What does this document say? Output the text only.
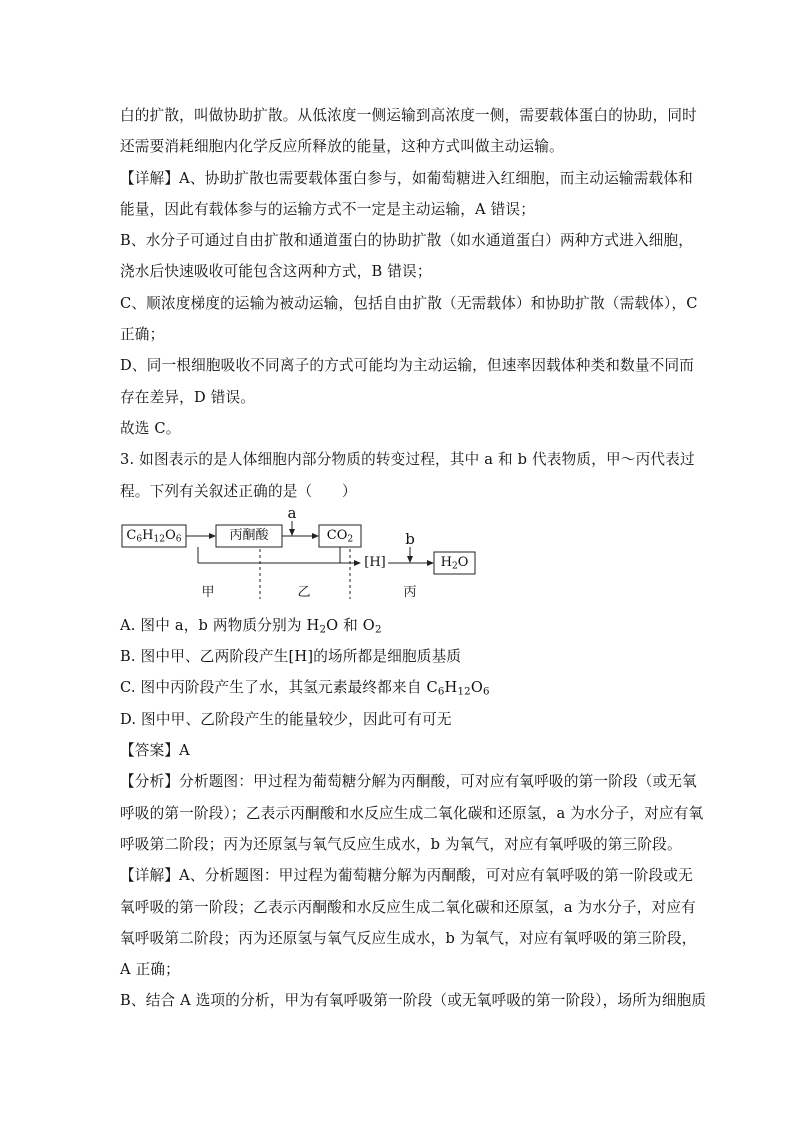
白的扩散，叫做协助扩散。从低浓度一侧运输到高浓度一侧，需要载体蛋白的协助，同时
还需要消耗细胞内化学反应所释放的能量，这种方式叫做主动运输。
【详解】A、协助扩散也需要载体蛋白参与，如葡萄糖进入红细胞，而主动运输需载体和
能量，因此有载体参与的运输方式不一定是主动运输，A 错误；
B、水分子可通过自由扩散和通道蛋白的协助扩散（如水通道蛋白）两种方式进入细胞，
浇水后快速吸收可能包含这两种方式，B 错误；
C、顺浓度梯度的运输为被动运输，包括自由扩散（无需载体）和协助扩散（需载体），C
正确；
D、同一根细胞吸收不同离子的方式可能均为主动运输，但速率因载体种类和数量不同而
存在差异，D 错误。
故选 C。
3. 如图表示的是人体细胞内部分物质的转变过程，其中 a 和 b 代表物质，甲～丙代表过
程。下列有关叙述正确的是（　　）
$C_6H_{12}O_6$	丙酮酸	$CO_2$
[H]	$H_2O$
a
b
甲	乙	丙
A. 图中 a，b 两物质分别为 $H_2O$ 和 $O_2$
B. 图中甲、乙两阶段产生[H]的场所都是细胞质基质
C. 图中丙阶段产生了水，其氢元素最终都来自 $C_6H_{12}O_6$
D. 图中甲、乙阶段产生的能量较少，因此可有可无
【答案】A
【分析】分析题图：甲过程为葡萄糖分解为丙酮酸，可对应有氧呼吸的第一阶段（或无氧
呼吸的第一阶段）；乙表示丙酮酸和水反应生成二氧化碳和还原氢，a 为水分子，对应有氧
呼吸第二阶段；丙为还原氢与氧气反应生成水，b 为氧气，对应有氧呼吸的第三阶段。
【详解】A、分析题图：甲过程为葡萄糖分解为丙酮酸，可对应有氧呼吸的第一阶段或无
氧呼吸的第一阶段；乙表示丙酮酸和水反应生成二氧化碳和还原氢，a 为水分子，对应有
氧呼吸第二阶段；丙为还原氢与氧气反应生成水，b 为氧气，对应有氧呼吸的第三阶段，
A 正确；
B、结合 A 选项的分析，甲为有氧呼吸第一阶段（或无氧呼吸的第一阶段），场所为细胞质
